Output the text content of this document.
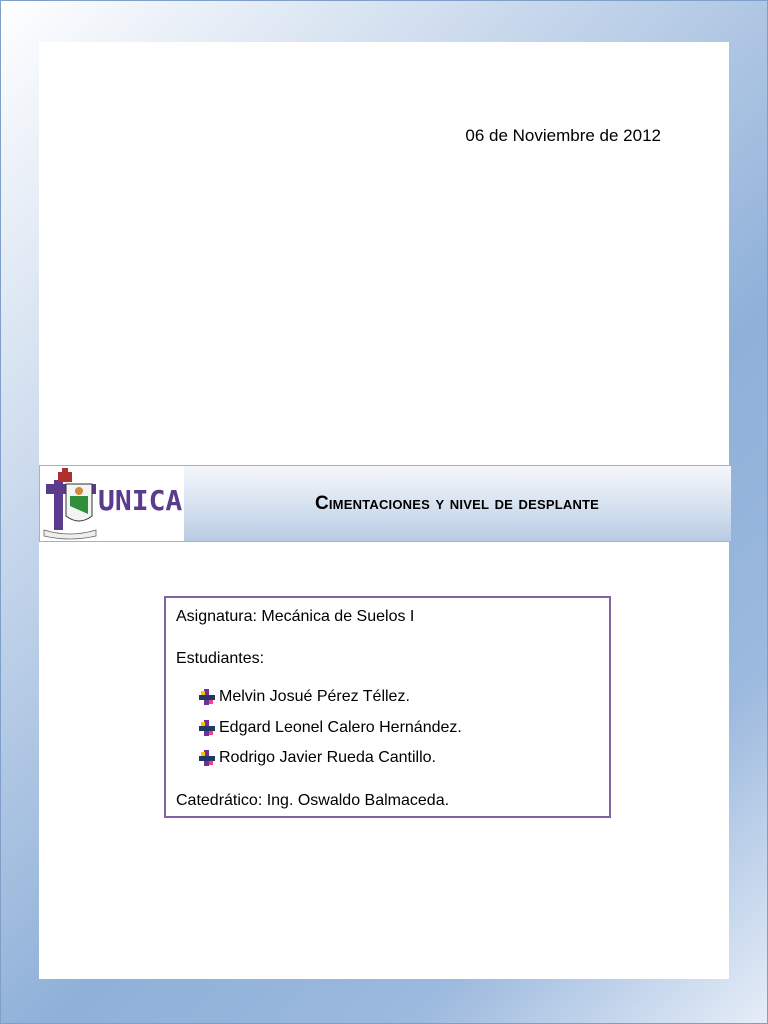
06 de Noviembre de 2012
UNICA	Cimentaciones y nivel de desplante
Asignatura: Mecánica de Suelos I
Estudiantes:
Melvin Josué Pérez Téllez.
Edgard Leonel Calero Hernández.
Rodrigo Javier Rueda Cantillo.
Catedrático: Ing. Oswaldo Balmaceda.
